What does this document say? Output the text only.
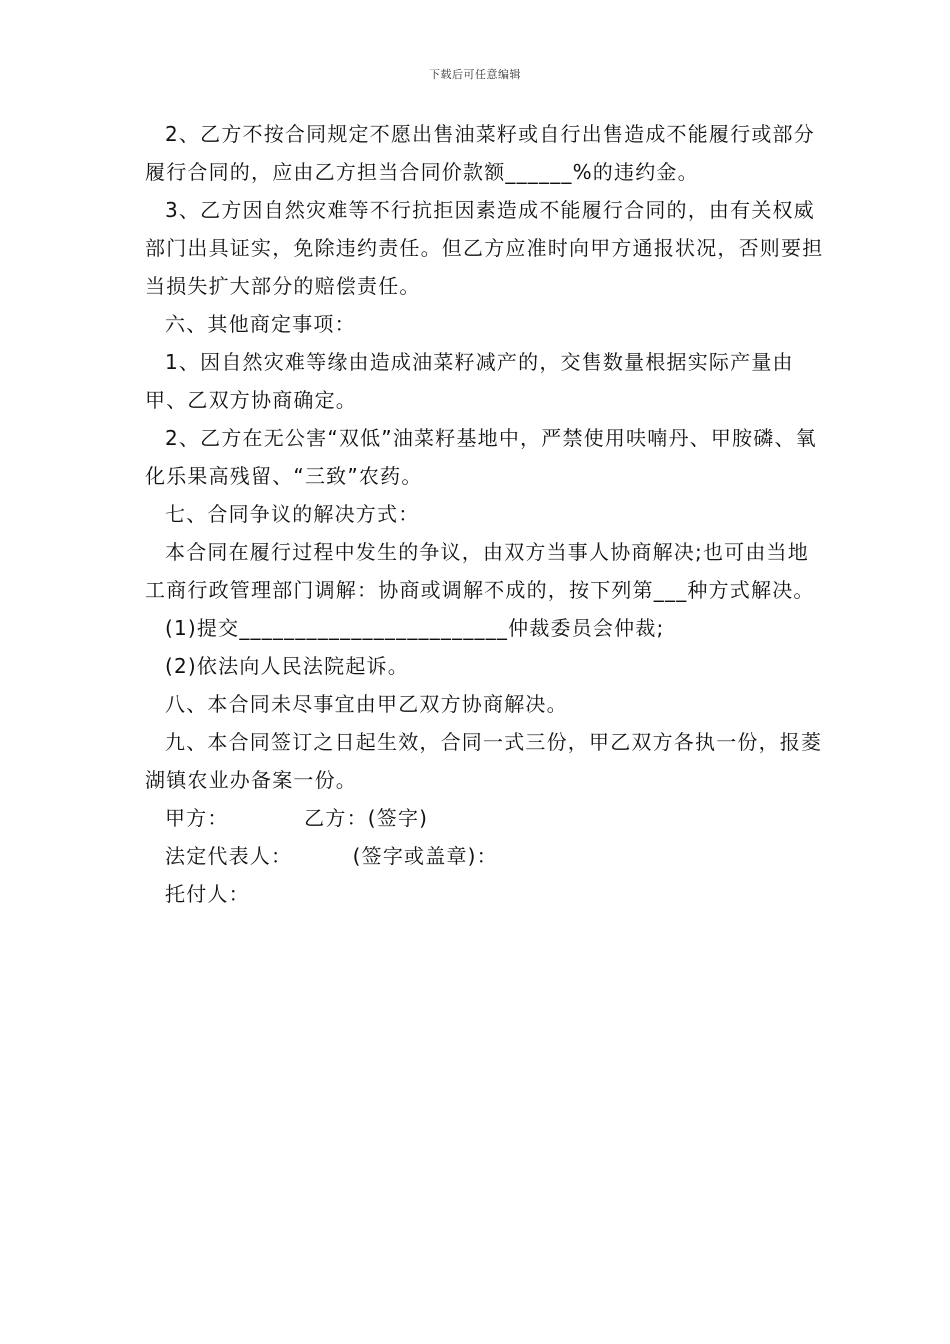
下载后可任意编辑

2、乙方不按合同规定不愿出售油菜籽或自行出售造成不能履行或部分履行合同的，应由乙方担当合同价款额______%的违约金。

3、乙方因自然灾难等不行抗拒因素造成不能履行合同的，由有关权威部门出具证实，免除违约责任。但乙方应准时向甲方通报状况，否则要担当损失扩大部分的赔偿责任。

六、其他商定事项：

1、因自然灾难等缘由造成油菜籽减产的，交售数量根据实际产量由甲、乙双方协商确定。

2、乙方在无公害“双低”油菜籽基地中，严禁使用呋喃丹、甲胺磷、氧化乐果高残留、“三致”农药。

七、合同争议的解决方式：

本合同在履行过程中发生的争议，由双方当事人协商解决;也可由当地工商行政管理部门调解：协商或调解不成的，按下列第___种方式解决。

(1)提交________________________仲裁委员会仲裁;

(2)依法向人民法院起诉。

八、本合同未尽事宜由甲乙双方协商解决。

九、本合同签订之日起生效，合同一式三份，甲乙双方各执一份，报菱湖镇农业办备案一份。

甲方：          乙方：(签字)
法定代表人：        (签字或盖章)：
托付人：
